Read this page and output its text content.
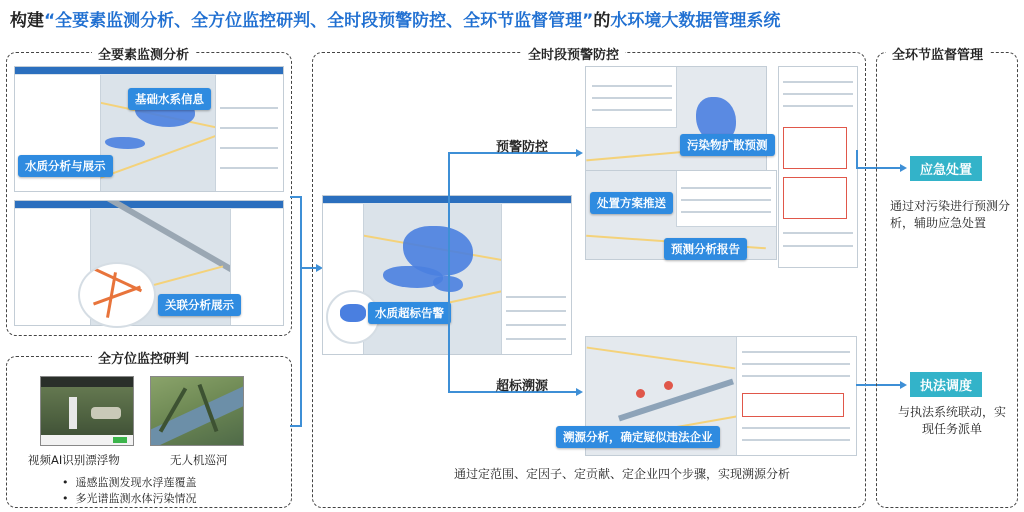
构建“全要素监测分析、全方位监控研判、全时段预警防控、全环节监督管理”的水环境大数据管理系统
全要素监测分析
基础水系信息
水质分析与展示
关联分析展示
全方位监控研判
视频AI识别漂浮物	无人机巡河
•  遥感监测发现水浮莲覆盖
•  多光谱监测水体污染情况
全时段预警防控
水质超标告警
预警防控
超标溯源
污染物扩散预测
处置方案推送
预测分析报告
溯源分析，确定疑似违法企业
通过定范围、定因子、定贡献、定企业四个步骤，实现溯源分析
全环节监督管理
应急处置
通过对污染进行预测分析，辅助应急处置
执法调度
与执法系统联动，实现任务派单
